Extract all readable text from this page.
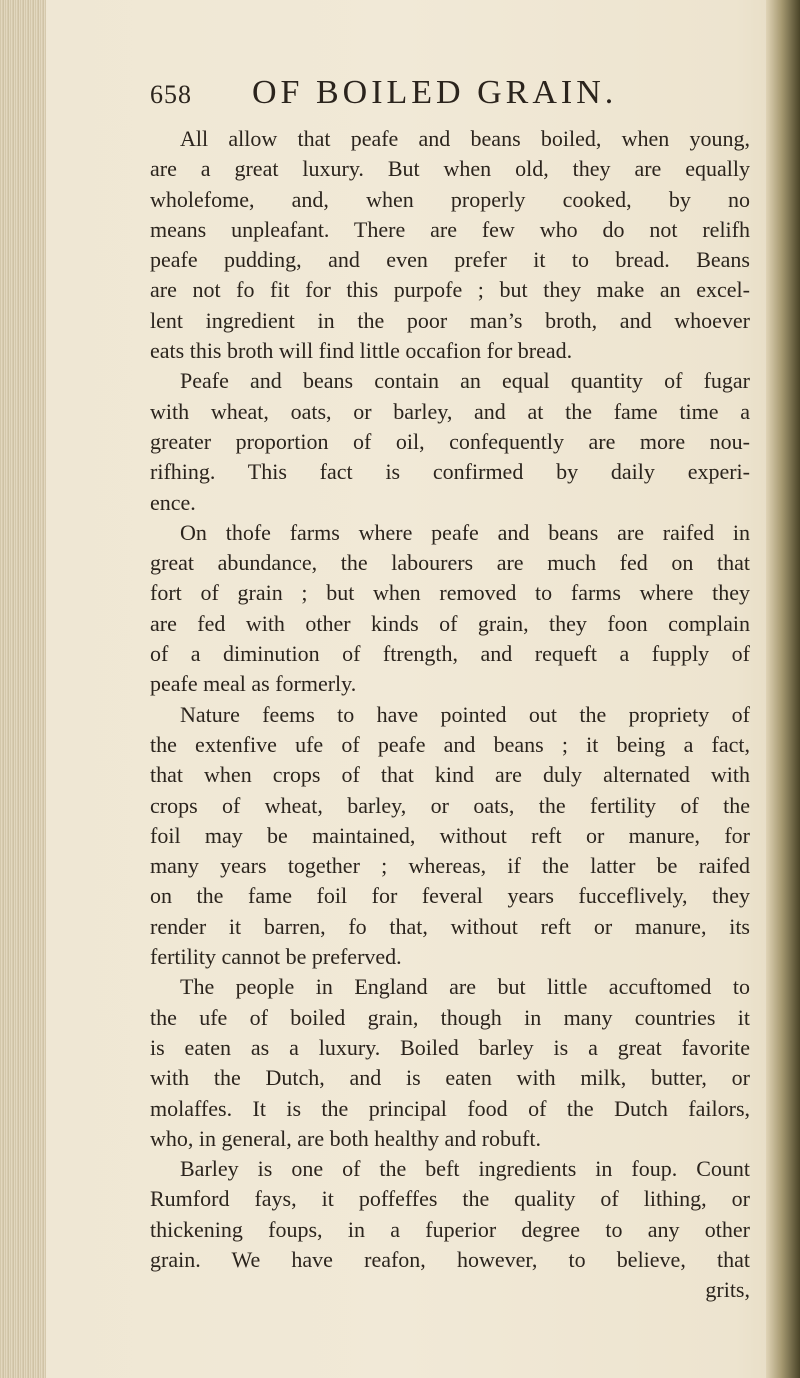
658 OF BOILED GRAIN.
All allow that peafe and beans boiled, when young,
are a great luxury. But when old, they are equally
wholefome, and, when properly cooked, by no
means unpleafant. There are few who do not relifh
peafe pudding, and even prefer it to bread. Beans
are not fo fit for this purpofe ; but they make an excel-
lent ingredient in the poor man’s broth, and whoever
eats this broth will find little occafion for bread.
Peafe and beans contain an equal quantity of fugar
with wheat, oats, or barley, and at the fame time a
greater proportion of oil, confequently are more nou-
rifhing. This fact is confirmed by daily experi-
ence.
On thofe farms where peafe and beans are raifed in
great abundance, the labourers are much fed on that
fort of grain ; but when removed to farms where they
are fed with other kinds of grain, they foon complain
of a diminution of ftrength, and requeft a fupply of
peafe meal as formerly.
Nature feems to have pointed out the propriety of
the extenfive ufe of peafe and beans ; it being a fact,
that when crops of that kind are duly alternated with
crops of wheat, barley, or oats, the fertility of the
foil may be maintained, without reft or manure, for
many years together ; whereas, if the latter be raifed
on the fame foil for feveral years fucceflively, they
render it barren, fo that, without reft or manure, its
fertility cannot be preferved.
The people in England are but little accuftomed to
the ufe of boiled grain, though in many countries it
is eaten as a luxury. Boiled barley is a great favorite
with the Dutch, and is eaten with milk, butter, or
molaffes. It is the principal food of the Dutch failors,
who, in general, are both healthy and robuft.
Barley is one of the beft ingredients in foup. Count
Rumford fays, it poffeffes the quality of lithing, or
thickening foups, in a fuperior degree to any other
grain. We have reafon, however, to believe, that
grits,
